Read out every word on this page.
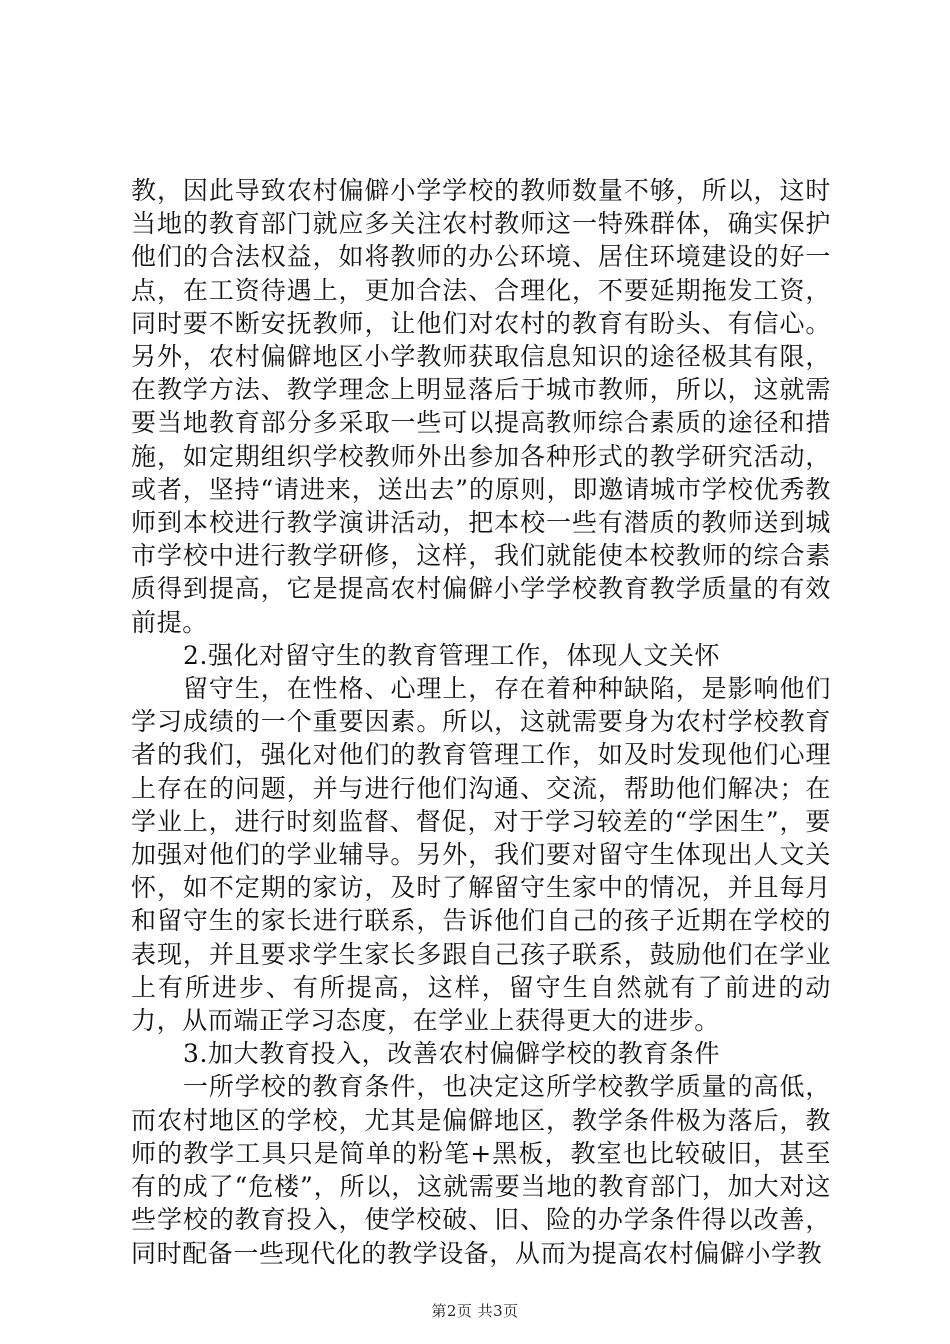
教，因此导致农村偏僻小学学校的教师数量不够，所以，这时当地的教育部门就应多关注农村教师这一特殊群体，确实保护他们的合法权益，如将教师的办公环境、居住环境建设的好一点，在工资待遇上，更加合法、合理化，不要延期拖发工资，同时要不断安抚教师，让他们对农村的教育有盼头、有信心。另外，农村偏僻地区小学教师获取信息知识的途径极其有限，在教学方法、教学理念上明显落后于城市教师，所以，这就需要当地教育部分多采取一些可以提高教师综合素质的途径和措施，如定期组织学校教师外出参加各种形式的教学研究活动，或者，坚持“请进来，送出去”的原则，即邀请城市学校优秀教师到本校进行教学演讲活动，把本校一些有潜质的教师送到城市学校中进行教学研修，这样，我们就能使本校教师的综合素质得到提高，它是提高农村偏僻小学学校教育教学质量的有效前提。

2.强化对留守生的教育管理工作，体现人文关怀

留守生，在性格、心理上，存在着种种缺陷，是影响他们学习成绩的一个重要因素。所以，这就需要身为农村学校教育者的我们，强化对他们的教育管理工作，如及时发现他们心理上存在的问题，并与进行他们沟通、交流，帮助他们解决；在学业上，进行时刻监督、督促，对于学习较差的“学困生”，要加强对他们的学业辅导。另外，我们要对留守生体现出人文关怀，如不定期的家访，及时了解留守生家中的情况，并且每月和留守生的家长进行联系，告诉他们自己的孩子近期在学校的表现，并且要求学生家长多跟自己孩子联系，鼓励他们在学业上有所进步、有所提高，这样，留守生自然就有了前进的动力，从而端正学习态度，在学业上获得更大的进步。

3.加大教育投入，改善农村偏僻学校的教育条件

一所学校的教育条件，也决定这所学校教学质量的高低，而农村地区的学校，尤其是偏僻地区，教学条件极为落后，教师的教学工具只是简单的粉笔+黑板，教室也比较破旧，甚至有的成了“危楼”，所以，这就需要当地的教育部门，加大对这些学校的教育投入，使学校破、旧、险的办学条件得以改善，同时配备一些现代化的教学设备，从而为提高农村偏僻小学教

第2页 共3页
